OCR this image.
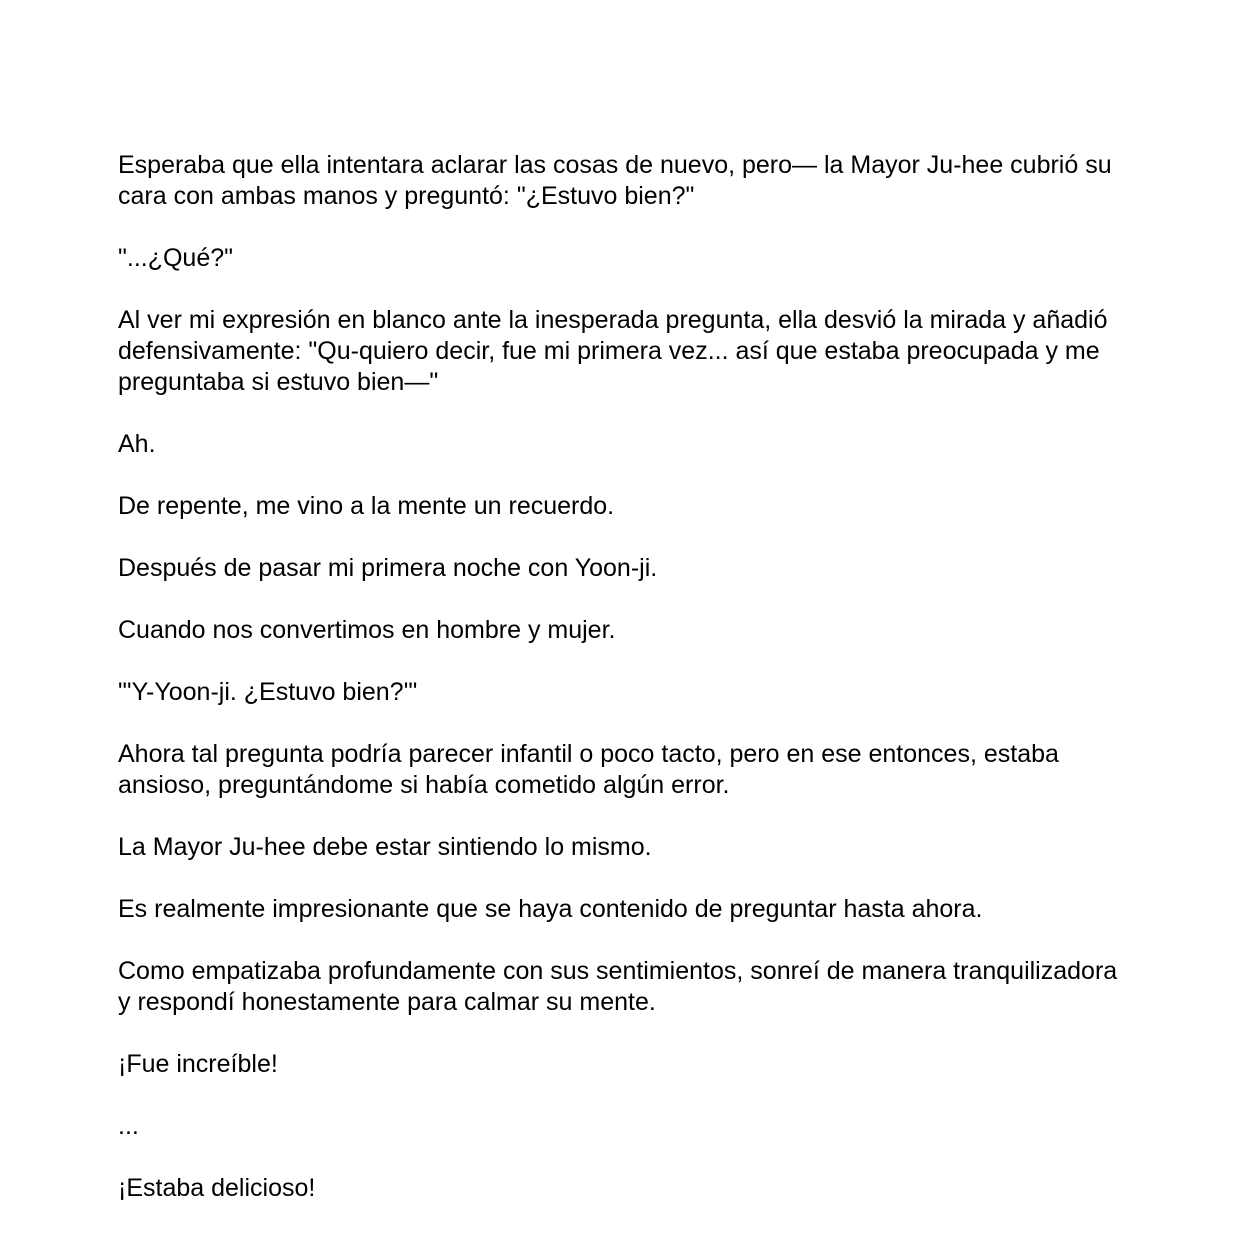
Esperaba que ella intentara aclarar las cosas de nuevo, pero— la Mayor Ju-hee cubrió su cara con ambas manos y preguntó: "¿Estuvo bien?"

"...¿Qué?"

Al ver mi expresión en blanco ante la inesperada pregunta, ella desvió la mirada y añadió defensivamente: "Qu-quiero decir, fue mi primera vez... así que estaba preocupada y me preguntaba si estuvo bien—"

Ah.

De repente, me vino a la mente un recuerdo.

Después de pasar mi primera noche con Yoon-ji.

Cuando nos convertimos en hombre y mujer.

"'Y-Yoon-ji. ¿Estuvo bien?'"

Ahora tal pregunta podría parecer infantil o poco tacto, pero en ese entonces, estaba ansioso, preguntándome si había cometido algún error.

La Mayor Ju-hee debe estar sintiendo lo mismo.

Es realmente impresionante que se haya contenido de preguntar hasta ahora.

Como empatizaba profundamente con sus sentimientos, sonreí de manera tranquilizadora y respondí honestamente para calmar su mente.

¡Fue increíble!

...

¡Estaba delicioso!
